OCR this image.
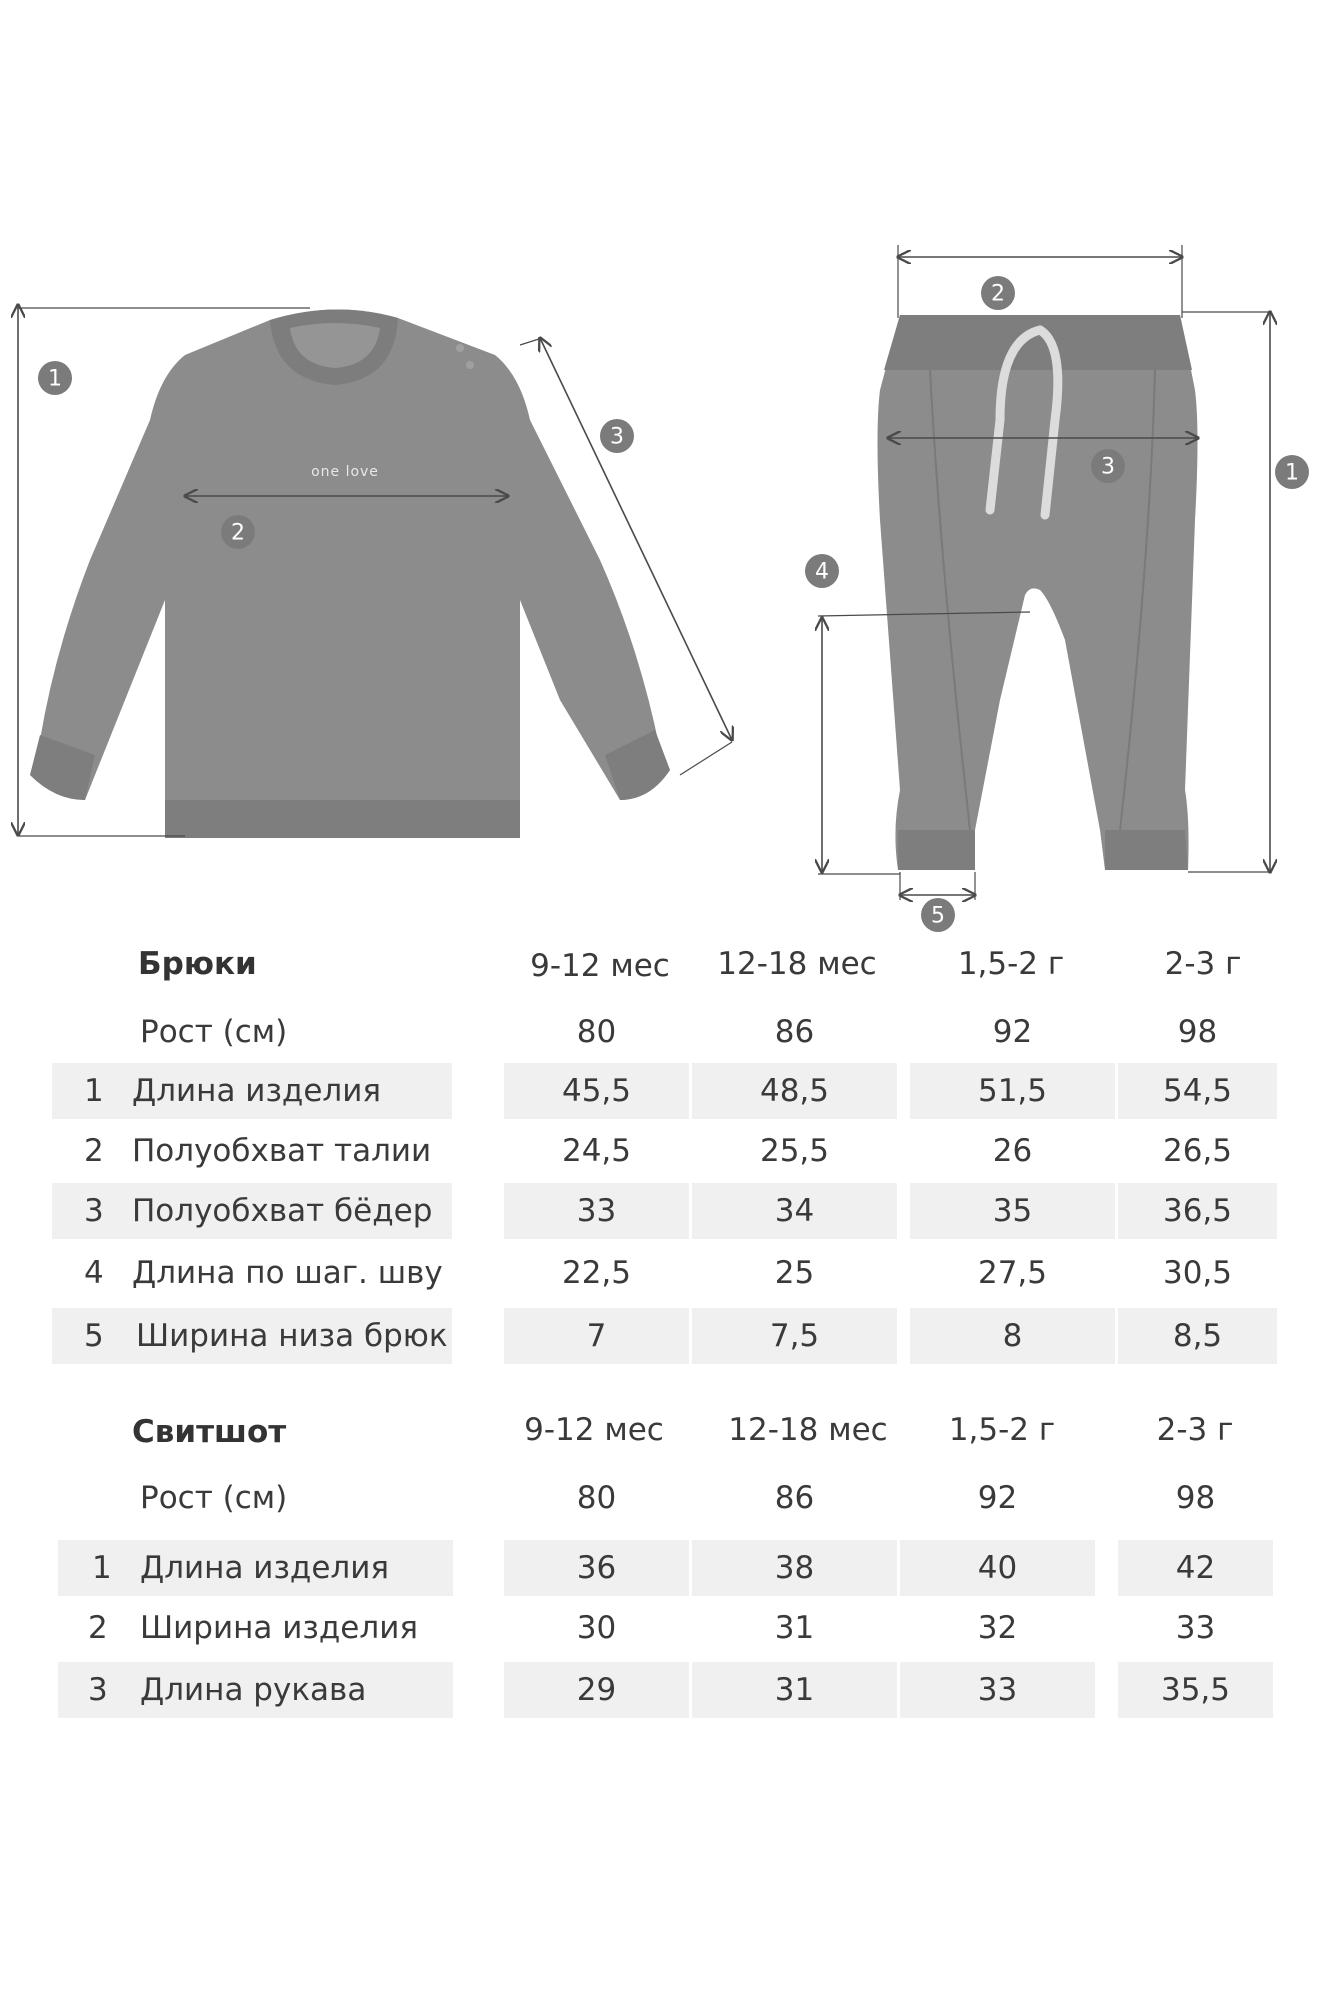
one love
1
2
3
1
2
3
4
5
Брюки	9-12 мес	12-18 мес	1,5-2 г	2-3 г
Рост (см)	80	86	92	98
1 Длина изделия	45,5	48,5	51,5	54,5
2 Полуобхват талии	24,5	25,5	26	26,5
3 Полуобхват бёдер	33	34	35	36,5
4 Длина по шаг. шву	22,5	25	27,5	30,5
5	Ширина низа брюк	7	7,5	8	8,5
Свитшот	9-12 мес	12-18 мес	1,5-2 г	2-3 г
Рост (см)	80	86	92	98
1 Длина изделия	36	38	40	42
2	Ширина изделия	30	31	32	33
3	Длина рукава	29	31	33	35,5
